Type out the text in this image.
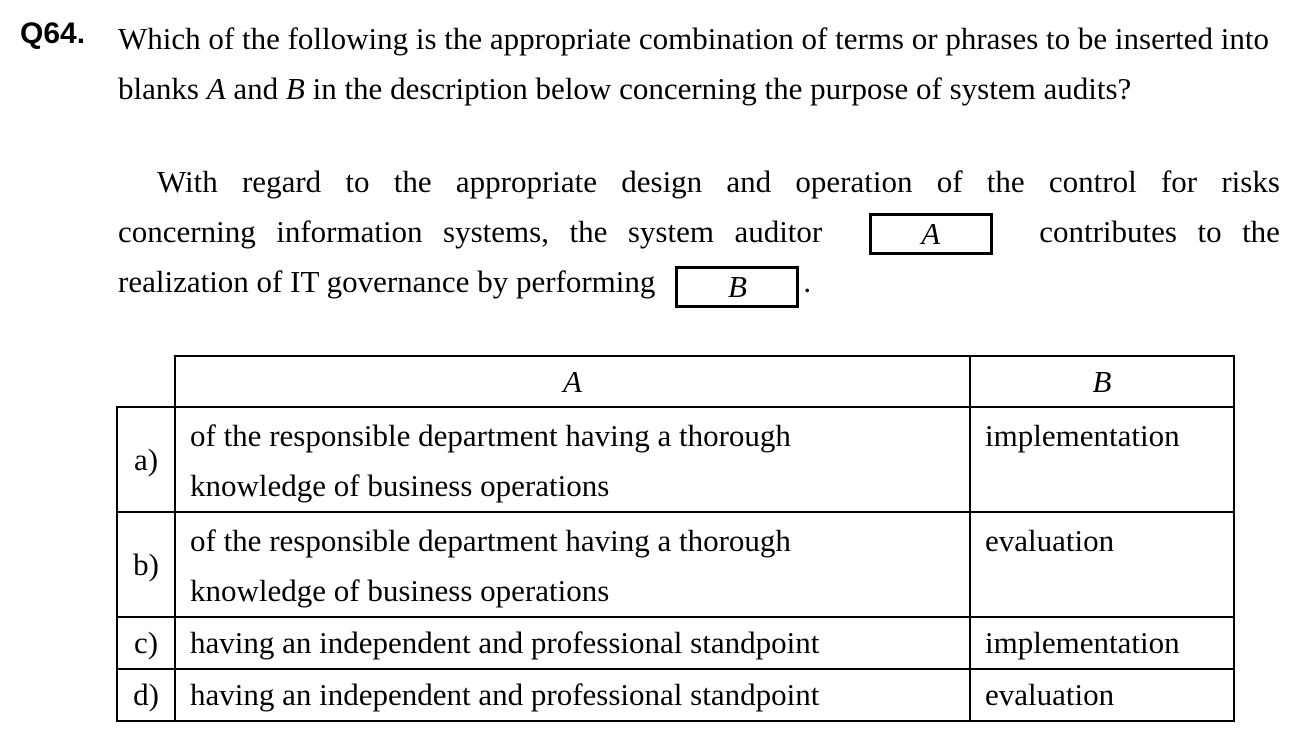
Q64. Which of the following is the appropriate combination of terms or phrases to be inserted into blanks A and B in the description below concerning the purpose of system audits?

With regard to the appropriate design and operation of the control for risks
concerning information systems, the system auditor	A	contributes to the
realization of IT governance by performing B .
	A	B
a)	of the responsible department having a thorough
knowledge of business operations	implementation
b)	of the responsible department having a thorough
knowledge of business operations	evaluation
c)	having an independent and professional standpoint	implementation
d)	having an independent and professional standpoint	evaluation
